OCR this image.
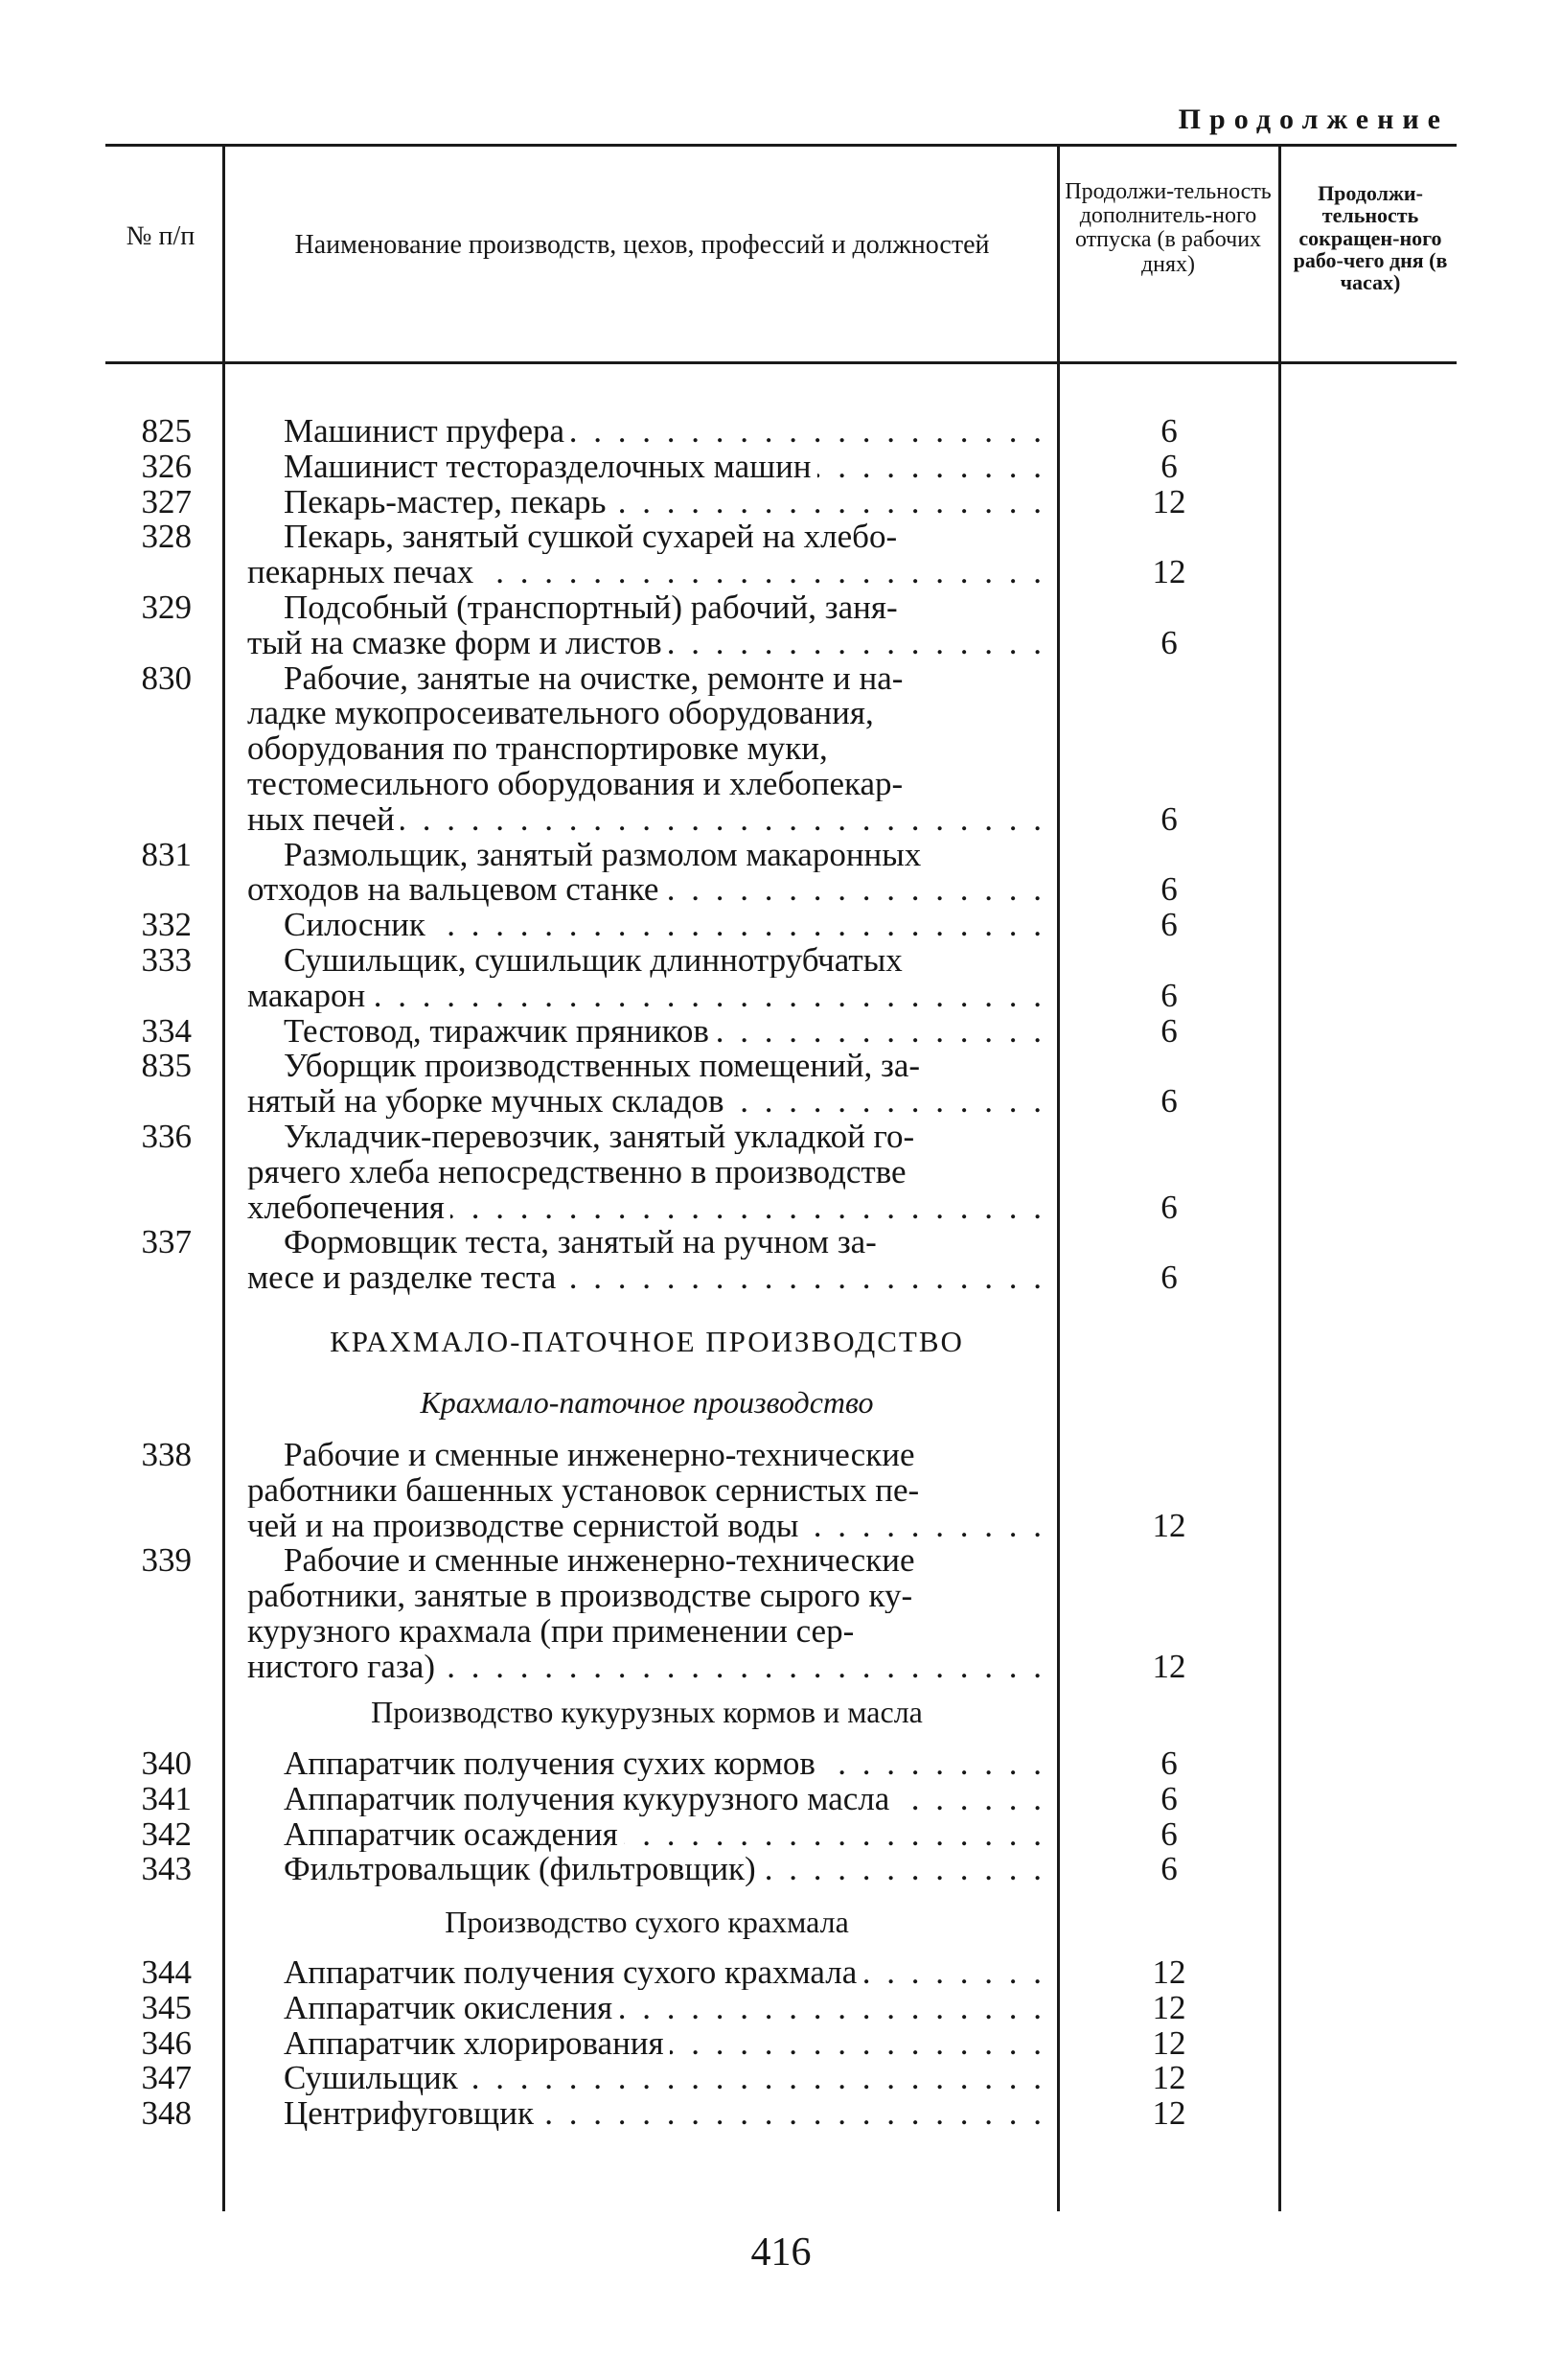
Продолжение
№ п/п	Наименование производств, цехов, профессий и должностей
Продолжи-тельность дополнитель-ного отпуска (в рабочих днях)
Продолжи-тельность сокращен-ного рабо-чего дня (в часах)
825
326
327
328
329
830
831
332
333
334
835
336
337
338
339
340
341
342
343
344
345
346
347
348
Машинист пруфера . . .
Машинист тесторазделочных машин . . .
Пекарь-мастер, пекарь . . .
Пекарь, занятый сушкой сухарей на хлебо-
пекарных печах . . .
Подсобный (транспортный) рабочий, заня-
тый на смазке форм и листов . . .
Рабочие, занятые на очистке, ремонте и на-
ладке мукопросеивательного оборудования,
оборудования по транспортировке муки,
тестомесильного оборудования и хлебопекар-
ных печей . . .
Размольщик, занятый размолом макаронных
отходов на вальцевом станке . . .
Силосник . . .
Сушильщик, сушильщик длиннотрубчатых
макарон . . .
Тестовод, тиражчик пряников . . .
Уборщик производственных помещений, за-
нятый на уборке мучных складов . . .
Укладчик-перевозчик, занятый укладкой го-
рячего хлеба непосредственно в производстве
хлебопечения . . .
Формовщик теста, занятый на ручном за-
месе и разделке теста . . .
Рабочие и сменные инженерно-технические
работники башенных установок сернистых пе-
чей и на производстве сернистой воды . . .
Рабочие и сменные инженерно-технические
работники, занятые в производстве сырого ку-
курузного крахмала (при применении сер-
нистого газа) . . .
Аппаратчик получения сухих кормов . . .
Аппаратчик получения кукурузного масла . . .
Аппаратчик осаждения . . .
Фильтровальщик (фильтровщик) . . .
Аппаратчик получения сухого крахмала . . .
Аппаратчик окисления . . .
Аппаратчик хлорирования . . .
Сушильщик . . .
Центрифуговщик . . .
6
6
12
12
6
6
6
6
6
6
6
6
6
12
12
6
6
6
6
12
12
12
12
12
КРАХМАЛО-ПАТОЧНОЕ ПРОИЗВОДСТВО
Крахмало-паточное производство
Производство кукурузных кормов и масла
Производство сухого крахмала
416
